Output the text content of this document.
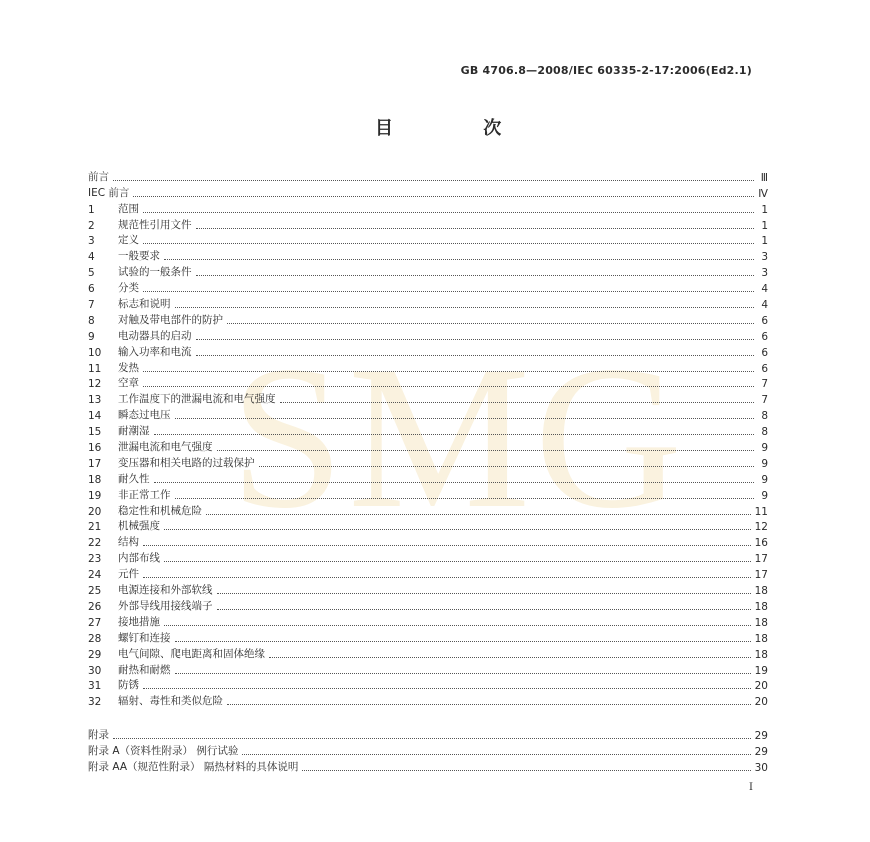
SMG
GB 4706.8—2008/IEC 60335-2-17:2006(Ed2.1)
目 次
前言	Ⅲ
IEC 前言	Ⅳ
1	范围	1
2	规范性引用文件	1
3	定义	1
4	一般要求	3
5	试验的一般条件	3
6	分类	4
7	标志和说明	4
8	对触及带电部件的防护	6
9	电动器具的启动	6
10	输入功率和电流	6
11	发热	6
12	空章	7
13	工作温度下的泄漏电流和电气强度	7
14	瞬态过电压	8
15	耐潮湿	8
16	泄漏电流和电气强度	9
17	变压器和相关电路的过载保护	9
18	耐久性	9
19	非正常工作	9
20	稳定性和机械危险	11
21	机械强度	12
22	结构	16
23	内部布线	17
24	元件	17
25	电源连接和外部软线	18
26	外部导线用接线端子	18
27	接地措施	18
28	螺钉和连接	18
29	电气间隙、爬电距离和固体绝缘	18
30	耐热和耐燃	19
31	防锈	20
32	辐射、毒性和类似危险	20
附录	29
附录 A（资料性附录） 例行试验	29
附录 AA（规范性附录） 隔热材料的具体说明	30
Ⅰ
